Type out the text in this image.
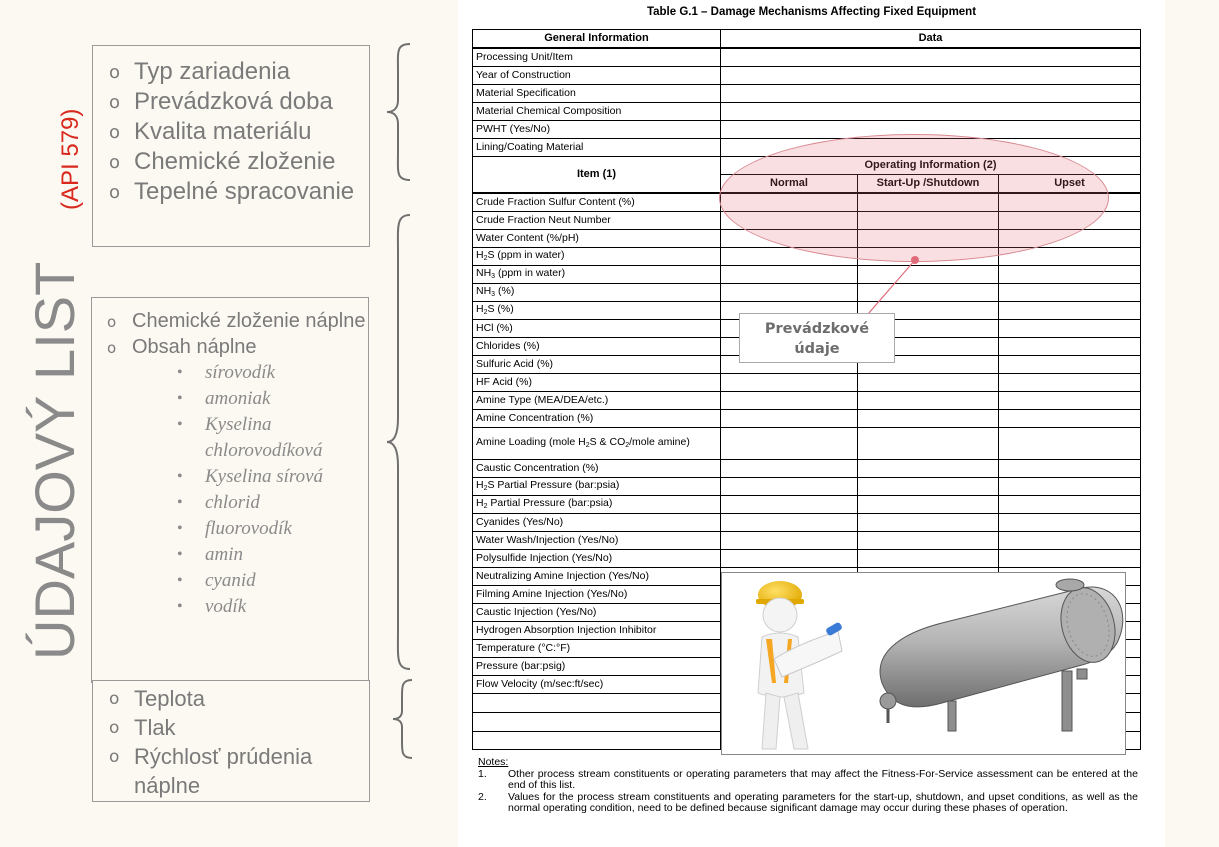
ÚDAJOVÝ LIST
(API 579)
o Typ zariadenia
o Prevádzková doba
o Kvalita materiálu
o Chemické zloženie
o Tepelné spracovanie
o Chemické zloženie náplne
o Obsah náplne
• sírovodík
• amoniak
• Kyselina chlorovodíková
• Kyselina sírová
• chlorid
• fluorovodík
• amin
• cyanid
• vodík
o Teplota
o Tlak
o Rýchlosť prúdenia náplne
Table G.1 – Damage Mechanisms Affecting Fixed Equipment
General Information	Data		
Processing Unit/Item			
Year of Construction			
Material Specification			
Material Chemical Composition			
PWHT (Yes/No)			
Lining/Coating Material			
Item (1)	Operating Information (2)		
	Normal	Start-Up /Shutdown	Upset
Crude Fraction Sulfur Content (%)			
Crude Fraction Neut Number			
Water Content (%/pH)			
H2S (ppm in water)			
NH3 (ppm in water)			
NH3 (%)			
H2S (%)			
HCl (%)			
Chlorides (%)			
Sulfuric Acid (%)			
HF Acid (%)			
Amine Type (MEA/DEA/etc.)			
Amine Concentration (%)			
Amine Loading (mole H2S & CO2/mole amine)			
Caustic Concentration (%)			
H2S Partial Pressure (bar:psia)			
H2 Partial Pressure (bar:psia)			
Cyanides (Yes/No)			
Water Wash/Injection (Yes/No)			
Polysulfide Injection (Yes/No)			
Neutralizing Amine Injection (Yes/No)			
Filming Amine Injection (Yes/No)			
Caustic Injection (Yes/No)			
Hydrogen Absorption Injection Inhibitor			
Temperature (°C:°F)			
Pressure (bar:psig)			
Flow Velocity (m/sec:ft/sec)			

Notes:
1.	Other process stream constituents or operating parameters that may affect the Fitness-For-Service assessment can be entered at the end of this list.
2.	Values for the process stream constituents and operating parameters for the start-up, shutdown, and upset conditions, as well as the normal operating condition, need to be defined because significant damage may occur during these phases of operation.
Prevádzkové údaje
